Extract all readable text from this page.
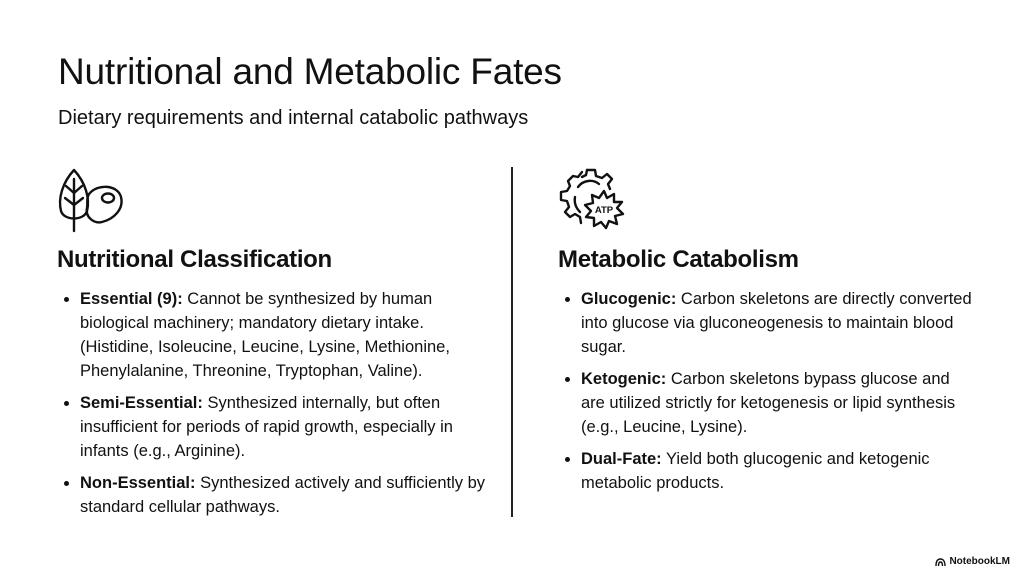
Nutritional and Metabolic Fates
Dietary requirements and internal catabolic pathways
Nutritional Classification
Essential (9): Cannot be synthesized by human biological machinery; mandatory dietary intake. (Histidine, Isoleucine, Leucine, Lysine, Methionine, Phenylalanine, Threonine, Tryptophan, Valine).
Semi-Essential: Synthesized internally, but often insufficient for periods of rapid growth, especially in infants (e.g., Arginine).
Non-Essential: Synthesized actively and sufficiently by standard cellular pathways.
ATP
Metabolic Catabolism
Glucogenic: Carbon skeletons are directly converted into glucose via gluconeogenesis to maintain blood sugar.
Ketogenic: Carbon skeletons bypass glucose and are utilized strictly for ketogenesis or lipid synthesis (e.g., Leucine, Lysine).
Dual-Fate: Yield both glucogenic and ketogenic metabolic products.
NotebookLM
